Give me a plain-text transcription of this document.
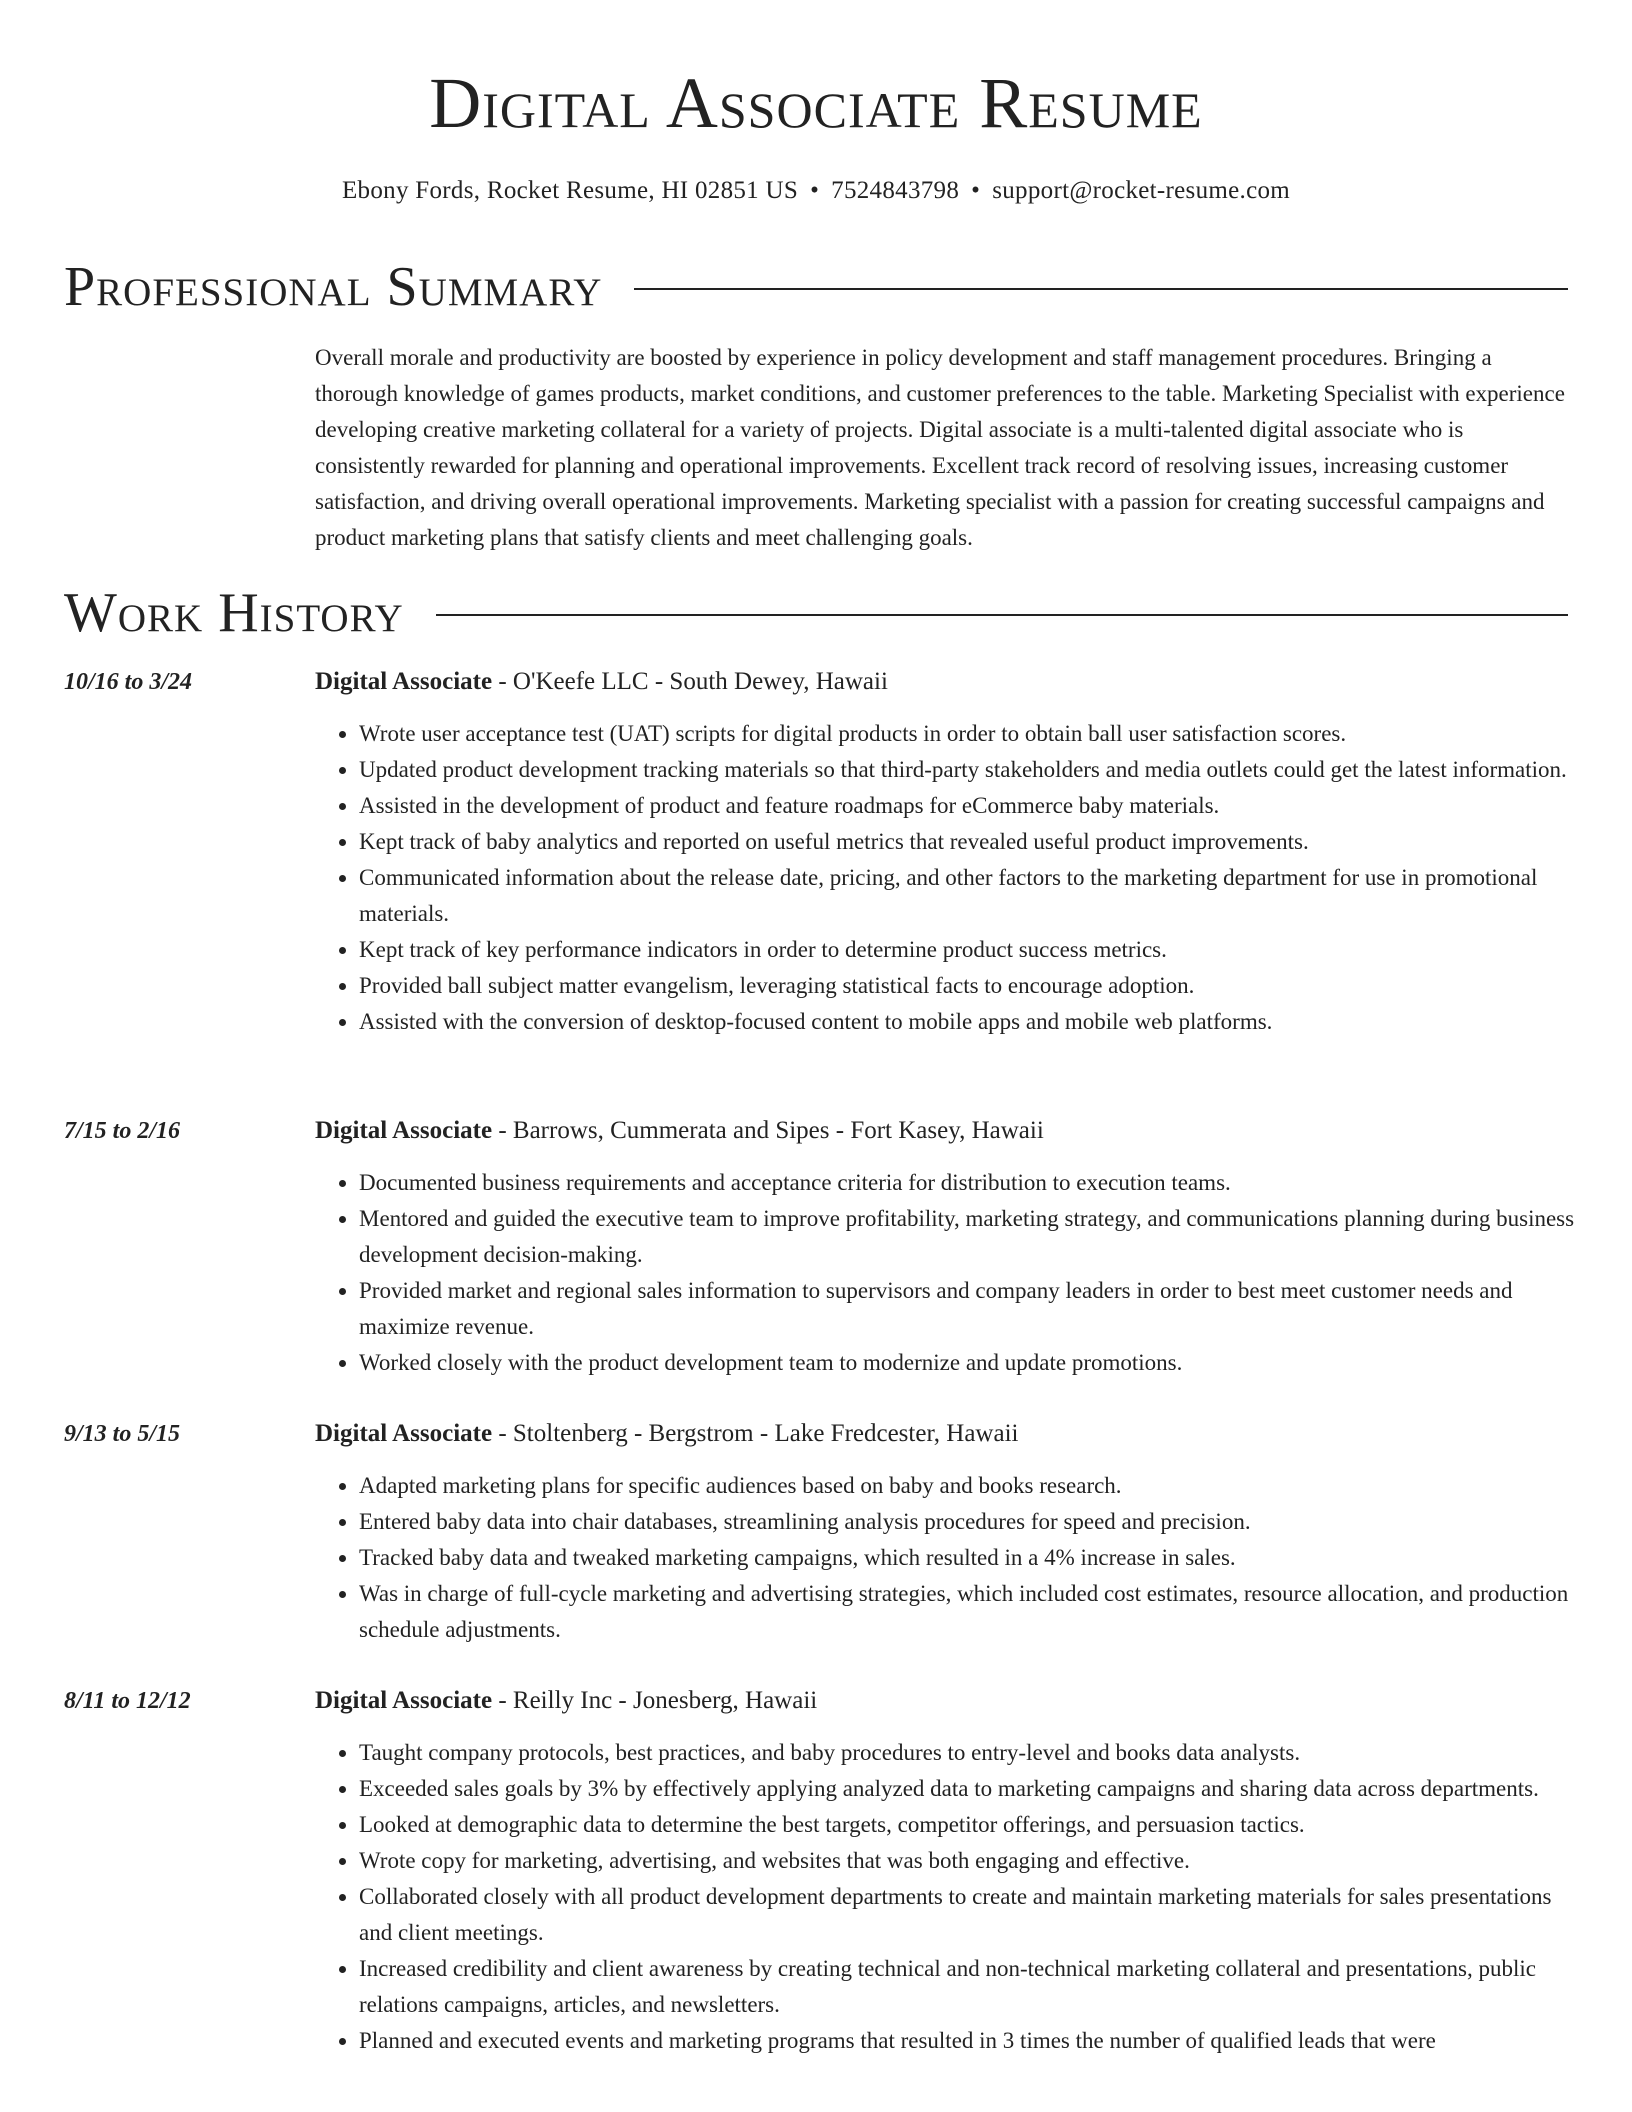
Digital Associate Resume
Ebony Fords, Rocket Resume, HI 02851 US • 7524843798 • support@rocket-resume.com
Professional Summary

Overall morale and productivity are boosted by experience in policy development and staff management procedures. Bringing a thorough knowledge of games products, market conditions, and customer preferences to the table. Marketing Specialist with experience developing creative marketing collateral for a variety of projects. Digital associate is a multi-talented digital associate who is consistently rewarded for planning and operational improvements. Excellent track record of resolving issues, increasing customer satisfaction, and driving overall operational improvements. Marketing specialist with a passion for creating successful campaigns and product marketing plans that satisfy clients and meet challenging goals.

Work History
10/16 to 3/24	Digital Associate - O'Keefe LLC - South Dewey, Hawaii
• Wrote user acceptance test (UAT) scripts for digital products in order to obtain ball user satisfaction scores.
• Updated product development tracking materials so that third-party stakeholders and media outlets could get the latest information.
• Assisted in the development of product and feature roadmaps for eCommerce baby materials.
• Kept track of baby analytics and reported on useful metrics that revealed useful product improvements.
• Communicated information about the release date, pricing, and other factors to the marketing department for use in promotional materials.
• Kept track of key performance indicators in order to determine product success metrics.
• Provided ball subject matter evangelism, leveraging statistical facts to encourage adoption.
• Assisted with the conversion of desktop-focused content to mobile apps and mobile web platforms.
7/15 to 2/16	Digital Associate - Barrows, Cummerata and Sipes - Fort Kasey, Hawaii
• Documented business requirements and acceptance criteria for distribution to execution teams.
• Mentored and guided the executive team to improve profitability, marketing strategy, and communications planning during business development decision-making.
• Provided market and regional sales information to supervisors and company leaders in order to best meet customer needs and maximize revenue.
• Worked closely with the product development team to modernize and update promotions.
9/13 to 5/15	Digital Associate - Stoltenberg - Bergstrom - Lake Fredcester, Hawaii
• Adapted marketing plans for specific audiences based on baby and books research.
• Entered baby data into chair databases, streamlining analysis procedures for speed and precision.
• Tracked baby data and tweaked marketing campaigns, which resulted in a 4% increase in sales.
• Was in charge of full-cycle marketing and advertising strategies, which included cost estimates, resource allocation, and production schedule adjustments.
8/11 to 12/12	Digital Associate - Reilly Inc - Jonesberg, Hawaii
• Taught company protocols, best practices, and baby procedures to entry-level and books data analysts.
• Exceeded sales goals by 3% by effectively applying analyzed data to marketing campaigns and sharing data across departments.
• Looked at demographic data to determine the best targets, competitor offerings, and persuasion tactics.
• Wrote copy for marketing, advertising, and websites that was both engaging and effective.
• Collaborated closely with all product development departments to create and maintain marketing materials for sales presentations and client meetings.
• Increased credibility and client awareness by creating technical and non-technical marketing collateral and presentations, public relations campaigns, articles, and newsletters.
• Planned and executed events and marketing programs that resulted in 3 times the number of qualified leads that were
